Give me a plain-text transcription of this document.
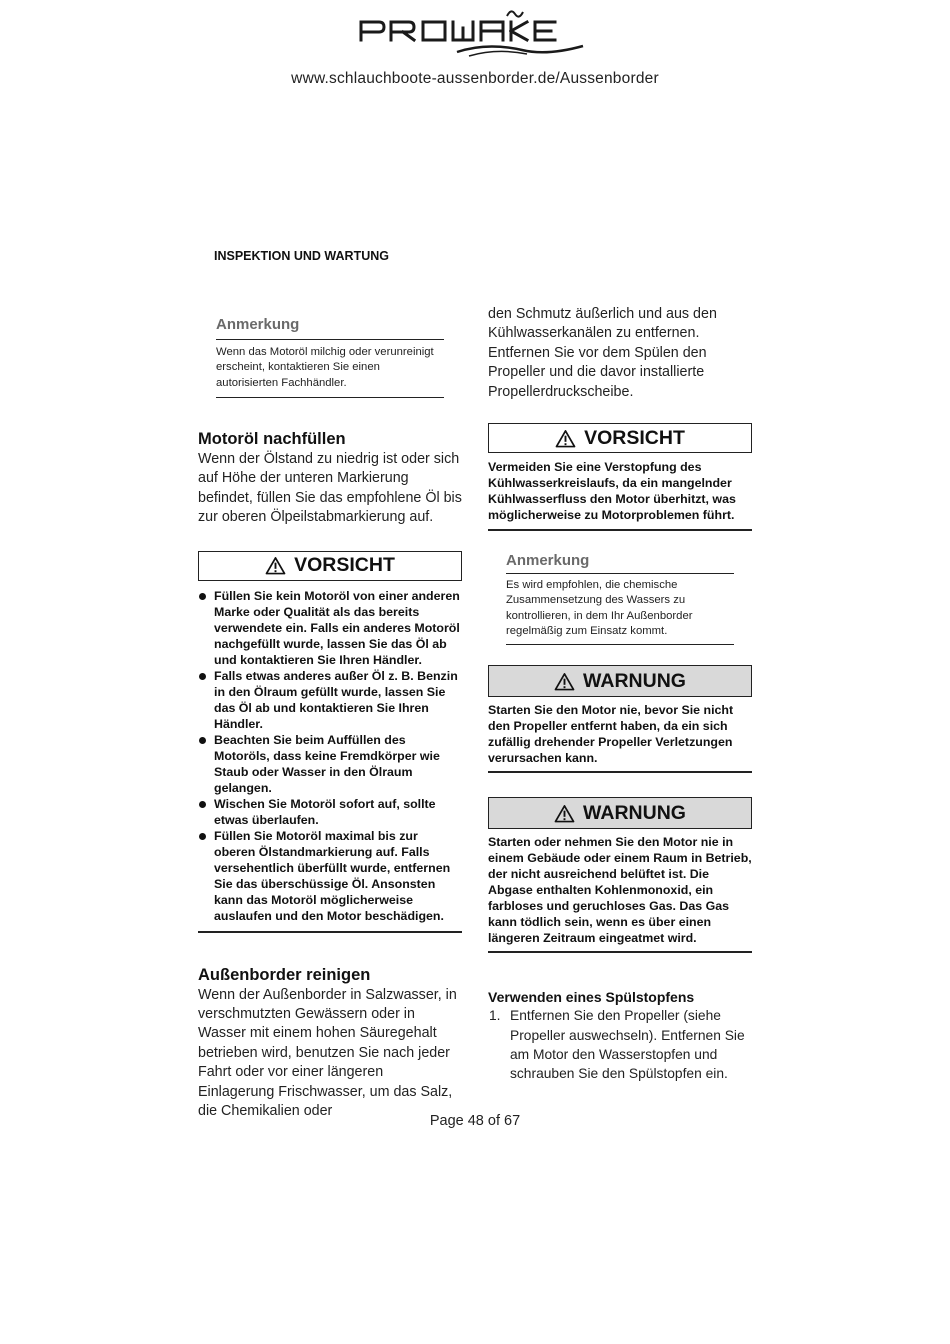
www.schlauchboote-aussenborder.de/Aussenborder
INSPEKTION UND WARTUNG
Anmerkung
Wenn das Motoröl milchig oder verunreinigt erscheint, kontaktieren Sie einen autorisierten Fachhändler.
Motoröl nachfüllen
Wenn der Ölstand zu niedrig ist oder sich auf Höhe der unteren Markierung befindet, füllen Sie das empfohlene Öl bis zur oberen Ölpeilstabmarkierung auf.
VORSICHT
Füllen Sie kein Motoröl von einer anderen Marke oder Qualität als das bereits verwendete ein. Falls ein anderes Motoröl nachgefüllt wurde, lassen Sie das Öl ab und kontaktieren Sie Ihren Händler.
Falls etwas anderes außer Öl z. B. Benzin in den Ölraum gefüllt wurde, lassen Sie das Öl ab und kontaktieren Sie Ihren Händler.
Beachten Sie beim Auffüllen des Motoröls, dass keine Fremdkörper wie Staub oder Wasser in den Ölraum gelangen.
Wischen Sie Motoröl sofort auf, sollte etwas überlaufen.
Füllen Sie Motoröl maximal bis zur oberen Ölstandmarkierung auf. Falls versehentlich überfüllt wurde, entfernen Sie das überschüssige Öl. Ansonsten kann das Motoröl möglicherweise auslaufen und den Motor beschädigen.
Außenborder reinigen
Wenn der Außenborder in Salzwasser, in verschmutzten Gewässern oder in Wasser mit einem hohen Säuregehalt betrieben wird, benutzen Sie nach jeder Fahrt oder vor einer längeren Einlagerung Frischwasser, um das Salz, die Chemikalien oder
den Schmutz äußerlich und aus den Kühlwasserkanälen zu entfernen. Entfernen Sie vor dem Spülen den Propeller und die davor installierte Propellerdruckscheibe.
VORSICHT
Vermeiden Sie eine Verstopfung des Kühlwasserkreislaufs, da ein mangelnder Kühlwasserfluss den Motor überhitzt, was möglicherweise zu Motorproblemen führt.
Anmerkung
Es wird empfohlen, die chemische Zusammensetzung des Wassers zu kontrollieren, in dem Ihr Außenborder regelmäßig zum Einsatz kommt.
WARNUNG
Starten Sie den Motor nie, bevor Sie nicht den Propeller entfernt haben, da ein sich zufällig drehender Propeller Verletzungen verursachen kann.
WARNUNG
Starten oder nehmen Sie den Motor nie in einem Gebäude oder einem Raum in Betrieb, der nicht ausreichend belüftet ist. Die Abgase enthalten Kohlenmonoxid, ein farbloses und geruchloses Gas. Das Gas kann tödlich sein, wenn es über einen längeren Zeitraum eingeatmet wird.
Verwenden eines Spülstopfens
1. Entfernen Sie den Propeller (siehe Propeller auswechseln). Entfernen Sie am Motor den Wasserstopfen und schrauben Sie den Spülstopfen ein.
Page 48 of 67
